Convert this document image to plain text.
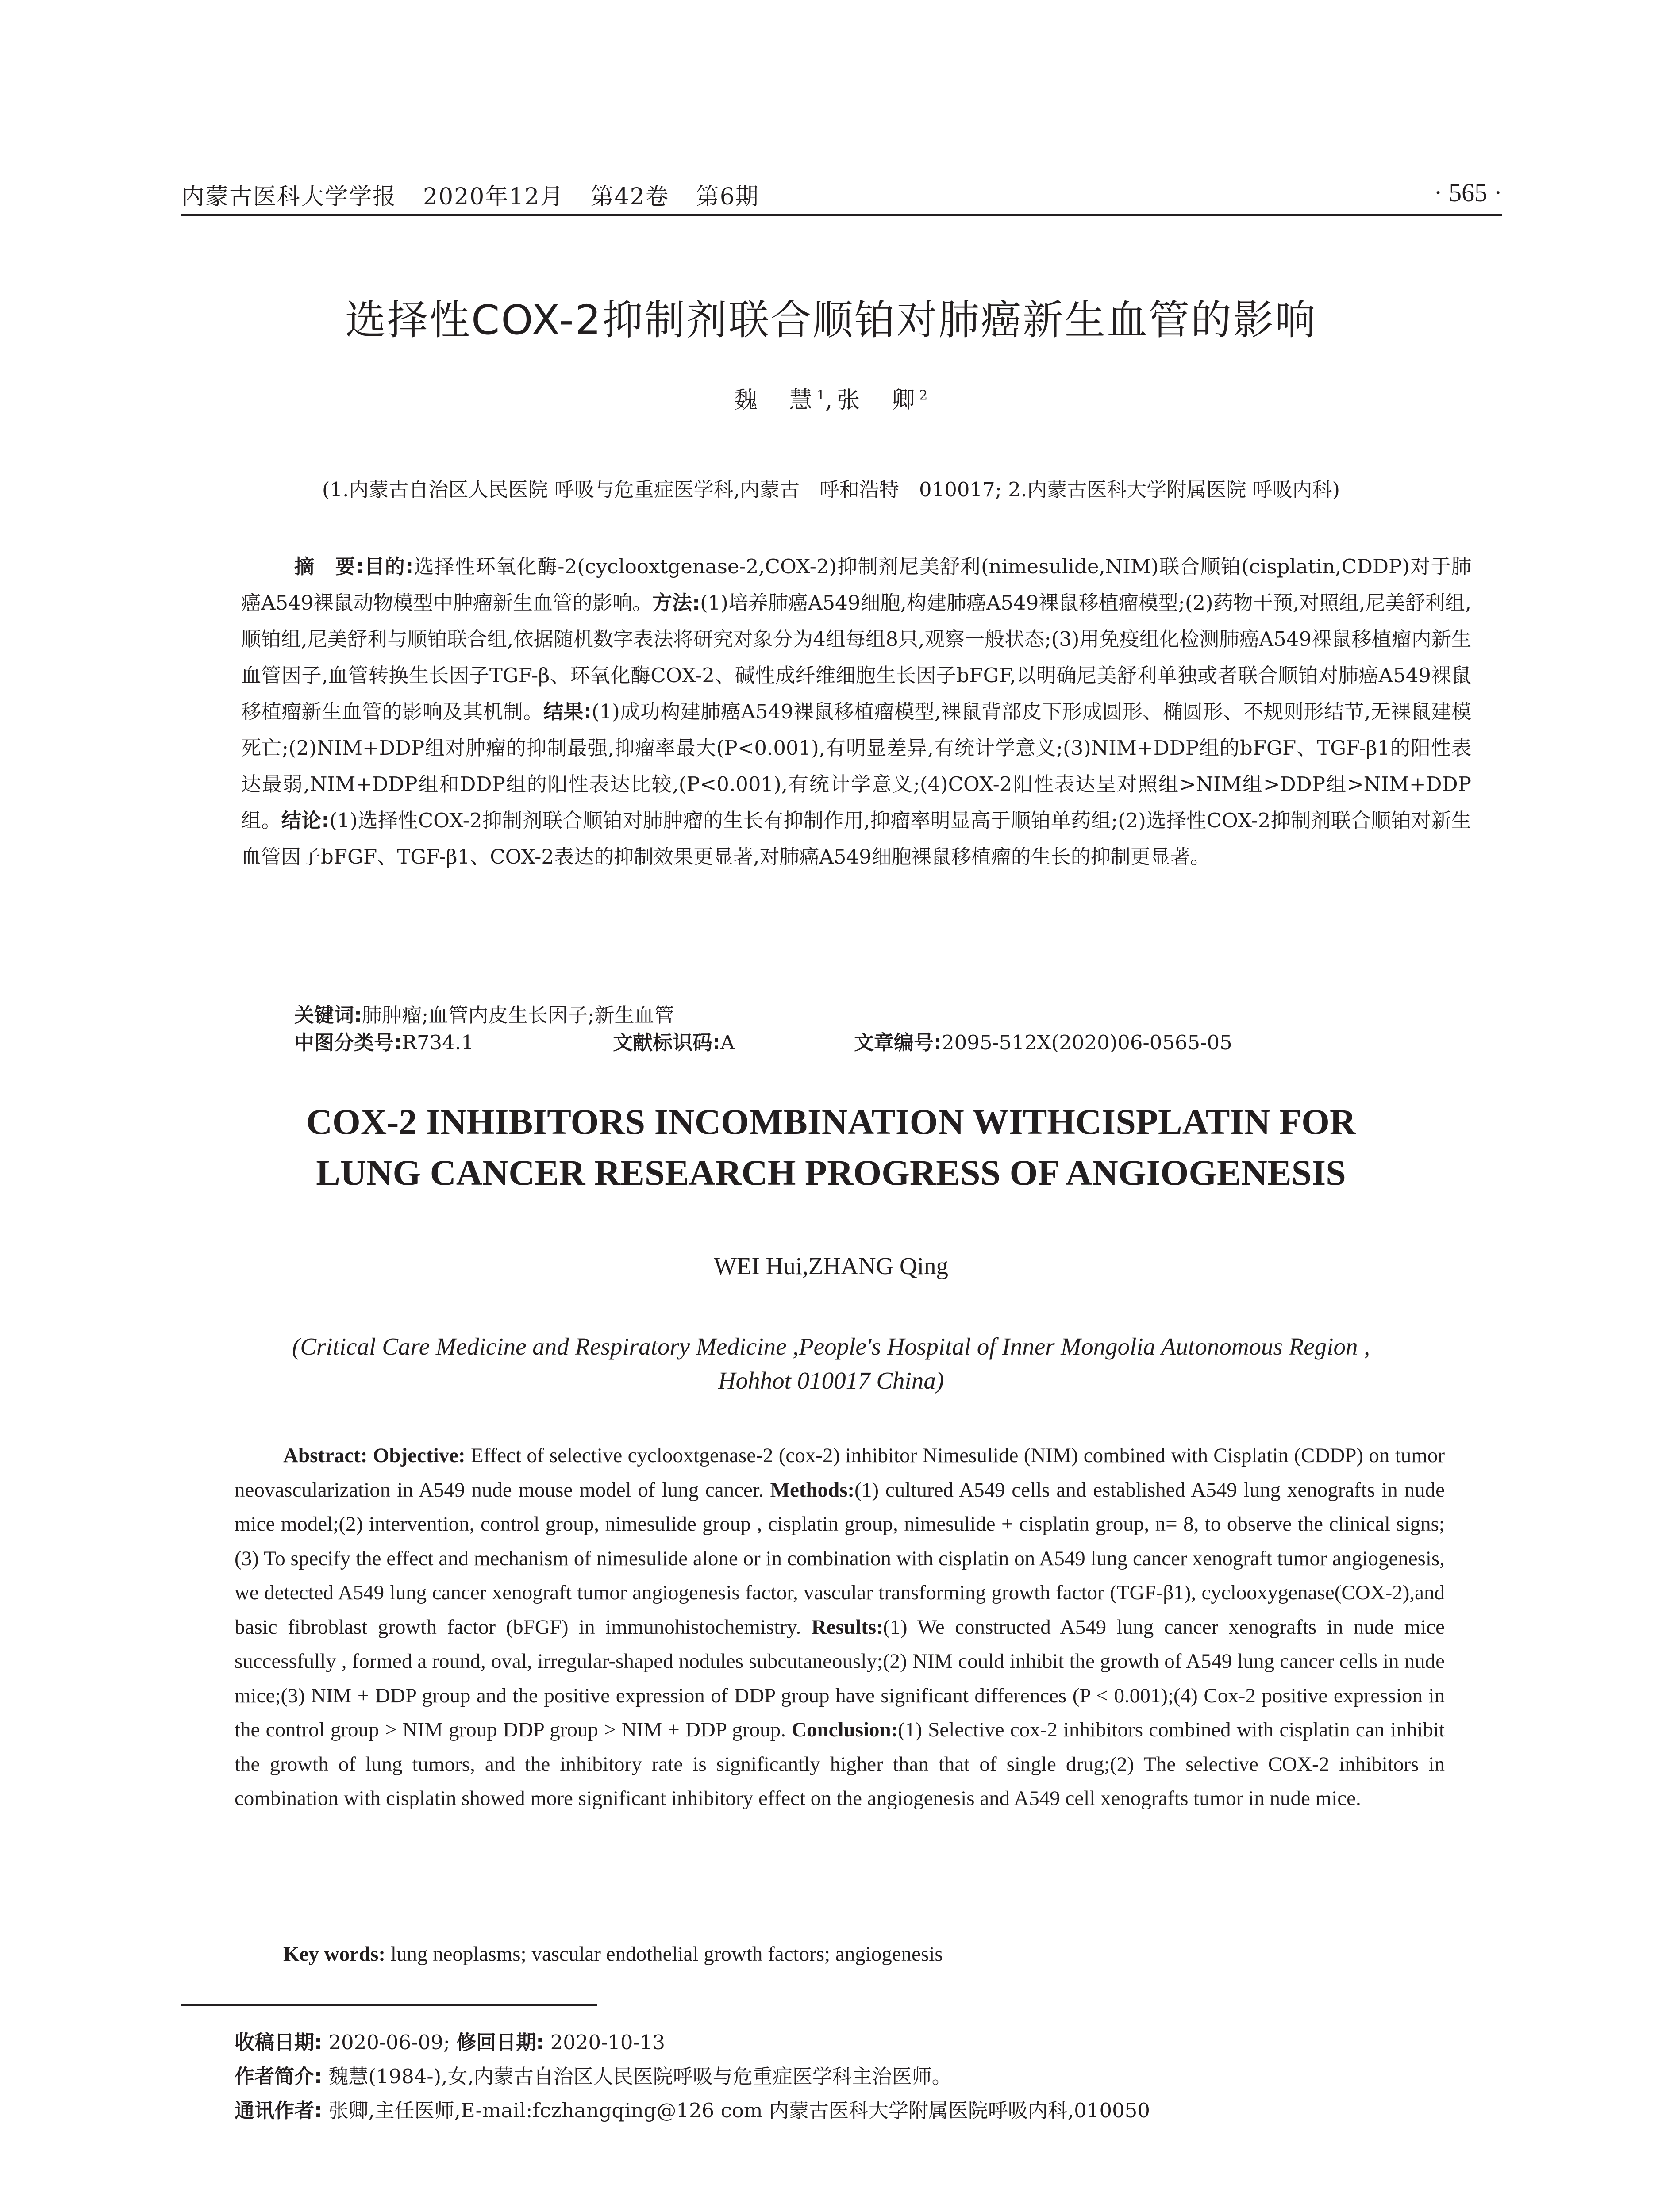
内蒙古医科大学学报 2020年12月 第42卷 第6期	· 565 ·
选择性COX-2抑制剂联合顺铂对肺癌新生血管的影响
魏　慧$^1$,张　卿$^2$
(1.内蒙古自治区人民医院 呼吸与危重症医学科,内蒙古　呼和浩特　010017; 2.内蒙古医科大学附属医院 呼吸内科)

摘　要:目的:选择性环氧化酶-2(cyclooxtgenase-2,COX-2)抑制剂尼美舒利(nimesulide,NIM)联合顺铂(cisplatin,CDDP)对于肺癌A549裸鼠动物模型中肿瘤新生血管的影响。方法:(1)培养肺癌A549细胞,构建肺癌A549裸鼠移植瘤模型;(2)药物干预,对照组,尼美舒利组,顺铂组,尼美舒利与顺铂联合组,依据随机数字表法将研究对象分为4组每组8只,观察一般状态;(3)用免疫组化检测肺癌A549裸鼠移植瘤内新生血管因子,血管转换生长因子TGF-β、环氧化酶COX-2、碱性成纤维细胞生长因子bFGF,以明确尼美舒利单独或者联合顺铂对肺癌A549裸鼠移植瘤新生血管的影响及其机制。结果:(1)成功构建肺癌A549裸鼠移植瘤模型,裸鼠背部皮下形成圆形、椭圆形、不规则形结节,无裸鼠建模死亡;(2)NIM+DDP组对肿瘤的抑制最强,抑瘤率最大(P<0.001),有明显差异,有统计学意义;(3)NIM+DDP组的bFGF、TGF-β1的阳性表达最弱,NIM+DDP组和DDP组的阳性表达比较,(P<0.001),有统计学意义;(4)COX-2阳性表达呈对照组>NIM组>DDP组>NIM+DDP组。结论:(1)选择性COX-2抑制剂联合顺铂对肺肿瘤的生长有抑制作用,抑瘤率明显高于顺铂单药组;(2)选择性COX-2抑制剂联合顺铂对新生血管因子bFGF、TGF-β1、COX-2表达的抑制效果更显著,对肺癌A549细胞裸鼠移植瘤的生长的抑制更显著。

关键词:肺肿瘤;血管内皮生长因子;新生血管
中图分类号:R734.1	文献标识码:A	文章编号:2095-512X(2020)06-0565-05
COX-2 INHIBITORS INCOMBINATION WITHCISPLATIN FOR
LUNG CANCER RESEARCH PROGRESS OF ANGIOGENESIS
WEI Hui,ZHANG Qing
(Critical Care Medicine and Respiratory Medicine ,People's Hospital of Inner Mongolia Autonomous Region ,
Hohhot 010017 China)

Abstract: Objective: Effect of selective cyclooxtgenase-2 (cox-2) inhibitor Nimesulide (NIM) combined with Cisplatin (CDDP) on tumor neovascularization in A549 nude mouse model of lung cancer. Methods:(1) cultured A549 cells and established A549 lung xenografts in nude mice model;(2) intervention, control group, nimesulide group , cisplatin group, nimesulide + cisplatin group, n= 8, to observe the clinical signs;(3) To specify the effect and mechanism of nimesulide alone or in combination with cisplatin on A549 lung cancer xenograft tumor angiogenesis, we detected A549 lung cancer xenograft tumor angiogenesis factor, vascular transforming growth factor (TGF-β1), cyclooxygenase(COX-2),and basic fibroblast growth factor (bFGF) in immunohistochemistry. Results:(1) We constructed A549 lung cancer xenografts in nude mice successfully , formed a round, oval, irregular-shaped nodules subcutaneously;(2) NIM could inhibit the growth of A549 lung cancer cells in nude mice;(3) NIM + DDP group and the positive expression of DDP group have significant differences (P < 0.001);(4) Cox-2 positive expression in the control group > NIM group DDP group > NIM + DDP group. Conclusion:(1) Selective cox-2 inhibitors combined with cisplatin can inhibit the growth of lung tumors, and the inhibitory rate is significantly higher than that of single drug;(2) The selective COX-2 inhibitors in combination with cisplatin showed more significant inhibitory effect on the angiogenesis and A549 cell xenografts tumor in nude mice.

Key words: lung neoplasms; vascular endothelial growth factors; angiogenesis
收稿日期: 2020-06-09; 修回日期: 2020-10-13
作者简介: 魏慧(1984-),女,内蒙古自治区人民医院呼吸与危重症医学科主治医师。
通讯作者: 张卿,主任医师,E-mail:fczhangqing@126 com 内蒙古医科大学附属医院呼吸内科,010050
